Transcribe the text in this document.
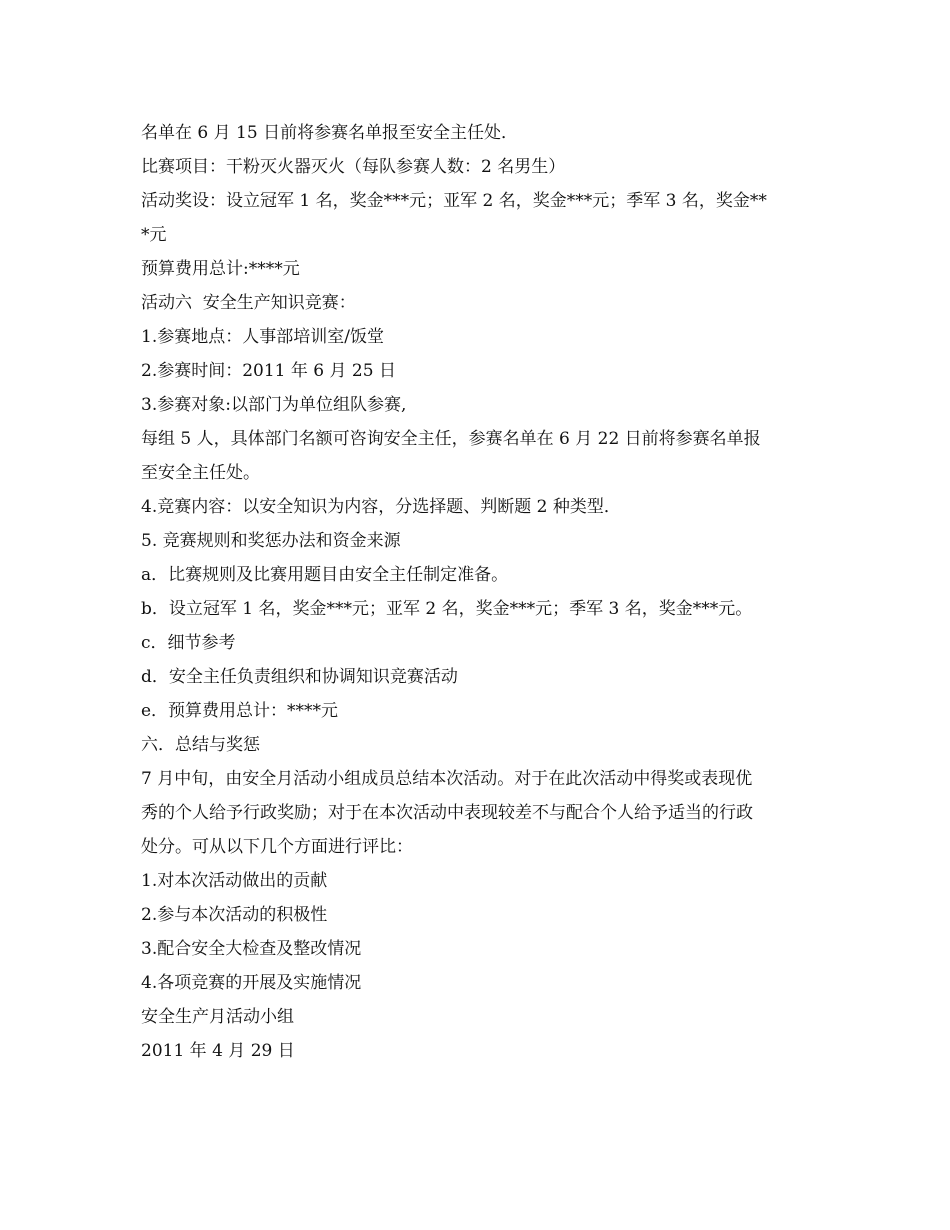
名单在 6 月 15 日前将参赛名单报至安全主任处．
比赛项目：干粉灭火器灭火（每队参赛人数：2 名男生）
活动奖设：设立冠军 1 名，奖金***元；亚军 2 名，奖金***元；季军 3 名，奖金**
*元
预算费用总计:****元
活动六  安全生产知识竞赛：
1.参赛地点：人事部培训室/饭堂
2.参赛时间：2011 年 6 月 25 日
3.参赛对象:以部门为单位组队参赛,
每组 5 人，具体部门名额可咨询安全主任，参赛名单在 6 月 22 日前将参赛名单报
至安全主任处。
4.竞赛内容：以安全知识为内容，分选择题、判断题 2 种类型．
5. 竞赛规则和奖惩办法和资金来源
a．比赛规则及比赛用题目由安全主任制定准备。
b．设立冠军 1 名，奖金***元；亚军 2 名，奖金***元；季军 3 名，奖金***元。
c．细节参考
d．安全主任负责组织和协调知识竞赛活动
e．预算费用总计：****元
六．总结与奖惩
7 月中旬，由安全月活动小组成员总结本次活动。对于在此次活动中得奖或表现优
秀的个人给予行政奖励；对于在本次活动中表现较差不与配合个人给予适当的行政
处分。可从以下几个方面进行评比：
1.对本次活动做出的贡献
2.参与本次活动的积极性
3.配合安全大检查及整改情况
4.各项竞赛的开展及实施情况
安全生产月活动小组
2011 年 4 月 29 日
